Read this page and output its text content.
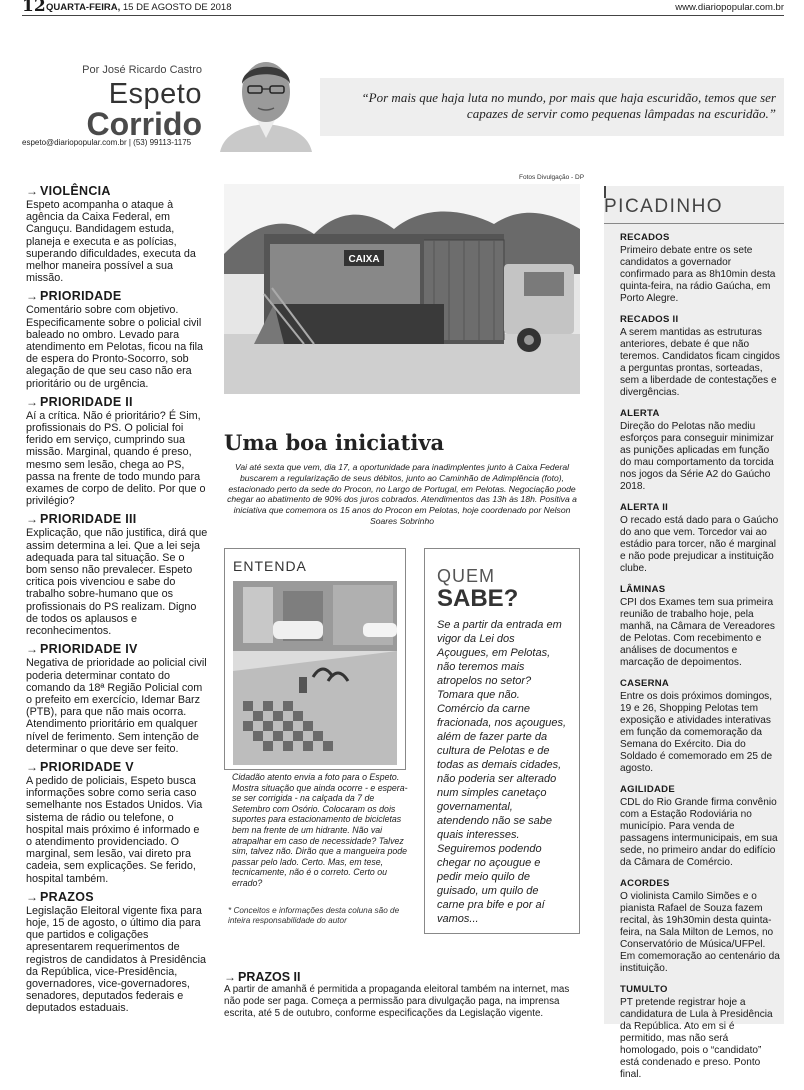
12 QUARTA-FEIRA, 15 DE AGOSTO DE 2018	www.diariopopular.com.br
Por José Ricardo Castro
Espeto
Corrido
espeto@diariopopular.com.br | (53) 99113-1175
“Por mais que haja luta no mundo, por mais que haja escuridão, temos que ser capazes de servir como pequenas lâmpadas na escuridão.”
→ VIOLÊNCIA

Espeto acompanha o ataque à agência da Caixa Federal, em Canguçu. Bandidagem estuda, planeja e executa e as polícias, superando dificuldades, executa da melhor maneira possível a sua missão.

→ PRIORIDADE

Comentário sobre com objetivo. Especificamente sobre o policial civil baleado no ombro. Levado para atendimento em Pelotas, ficou na fila de espera do Pronto-Socorro, sob alegação de que seu caso não era prioritário ou de urgência.

→ PRIORIDADE II

Aí a crítica. Não é prioritário? É Sim, profissionais do PS. O policial foi ferido em serviço, cumprindo sua missão. Marginal, quando é preso, mesmo sem lesão, chega ao PS, passa na frente de todo mundo para exames de corpo de delito. Por que o privilégio?

→ PRIORIDADE III

Explicação, que não justifica, dirá que assim determina a lei. Que a lei seja adequada para tal situação. Se o bom senso não prevalecer. Espeto critica pois vivenciou e sabe do trabalho sobre-humano que os profissionais do PS realizam. Digno de todos os aplausos e reconhecimentos.

→ PRIORIDADE IV

Negativa de prioridade ao policial civil poderia determinar contato do comando da 18ª Região Policial com o prefeito em exercício, Idemar Barz (PTB), para que não mais ocorra. Atendimento prioritário em qualquer nível de ferimento. Sem intenção de determinar o que deve ser feito.

→ PRIORIDADE V

A pedido de policiais, Espeto busca informações sobre como seria caso semelhante nos Estados Unidos. Via sistema de rádio ou telefone, o hospital mais próximo é informado e o atendimento providenciado. O marginal, sem lesão, vai direto pra cadeia, sem explicações. Se ferido, hospital também.

→ PRAZOS

Legislação Eleitoral vigente fixa para hoje, 15 de agosto, o último dia para que partidos e coligações apresentarem requerimentos de registros de candidatos à Presidência da República, vice-Presidência, governadores, vice-governadores, senadores, deputados federais e deputados estaduais.

Fotos Divulgação - DP
CAIXA
Uma boa iniciativa
Vai até sexta que vem, dia 17, a oportunidade para inadimplentes junto à Caixa Federal buscarem a regularização de seus débitos, junto ao Caminhão de Adimplência (foto), estacionado perto da sede do Procon, no Largo de Portugal, em Pelotas. Negociação pode chegar ao abatimento de 90% dos juros cobrados. Atendimentos das 13h às 18h. Positiva a iniciativa que comemora os 15 anos do Procon em Pelotas, hoje coordenado por Nelson Soares Sobrinho
ENTENDA
Cidadão atento envia a foto para o Espeto. Mostra situação que ainda ocorre - e espera-se ser corrigida - na calçada da 7 de Setembro com Osório. Colocaram os dois suportes para estacionamento de bicicletas bem na frente de um hidrante. Não vai atrapalhar em caso de necessidade? Talvez sim, talvez não. Dirão que a mangueira pode passar pelo lado. Certo. Mas, em tese, tecnicamente, não é o correto. Certo ou errado?
* Conceitos e informações desta coluna são de inteira responsabilidade do autor
QUEM
SABE?
Se a partir da entrada em vigor da Lei dos Açougues, em Pelotas, não teremos mais atropelos no setor? Tomara que não. Comércio da carne fracionada, nos açougues, além de fazer parte da cultura de Pelotas e de todas as demais cidades, não poderia ser alterado num simples canetaço governamental, atendendo não se sabe quais interesses. Seguiremos podendo chegar no açougue e pedir meio quilo de guisado, um quilo de carne pra bife e por aí vamos...
→ PRAZOS II

A partir de amanhã é permitida a propaganda eleitoral também na internet, mas não pode ser paga. Começa a permissão para divulgação paga, na imprensa escrita, até 5 de outubro, conforme especificações da Legislação vigente.

PICADINHO
RECADOS

Primeiro debate entre os sete candidatos a governador confirmado para as 8h10min desta quinta-feira, na rádio Gaúcha, em Porto Alegre.

RECADOS II

A serem mantidas as estruturas anteriores, debate é que não teremos. Candidatos ficam cingidos a perguntas prontas, sorteadas, sem a liberdade de contestações e divergências.

ALERTA

Direção do Pelotas não mediu esforços para conseguir minimizar as punições aplicadas em função do mau comportamento da torcida nos jogos da Série A2 do Gaúcho 2018.

ALERTA II

O recado está dado para o Gaúcho do ano que vem. Torcedor vai ao estádio para torcer, não é marginal e não pode prejudicar a instituição clube.

LÂMINAS

CPI dos Exames tem sua primeira reunião de trabalho hoje, pela manhã, na Câmara de Vereadores de Pelotas. Com recebimento e análises de documentos e marcação de depoimentos.

CASERNA

Entre os dois próximos domingos, 19 e 26, Shopping Pelotas tem exposição e atividades interativas em função da comemoração da Semana do Exército. Dia do Soldado é comemorado em 25 de agosto.

AGILIDADE

CDL do Rio Grande firma convênio com a Estação Rodoviária no município. Para venda de passagens intermunicipais, em sua sede, no primeiro andar do edifício da Câmara de Comércio.

ACORDES

O violinista Camilo Simões e o pianista Rafael de Souza fazem recital, às 19h30min desta quinta-feira, na Sala Milton de Lemos, no Conservatório de Música/UFPel. Em comemoração ao centenário da instituição.

TUMULTO

PT pretende registrar hoje a candidatura de Lula à Presidência da República. Ato em si é permitido, mas não será homologado, pois o “candidato” está condenado e preso. Ponto final.
